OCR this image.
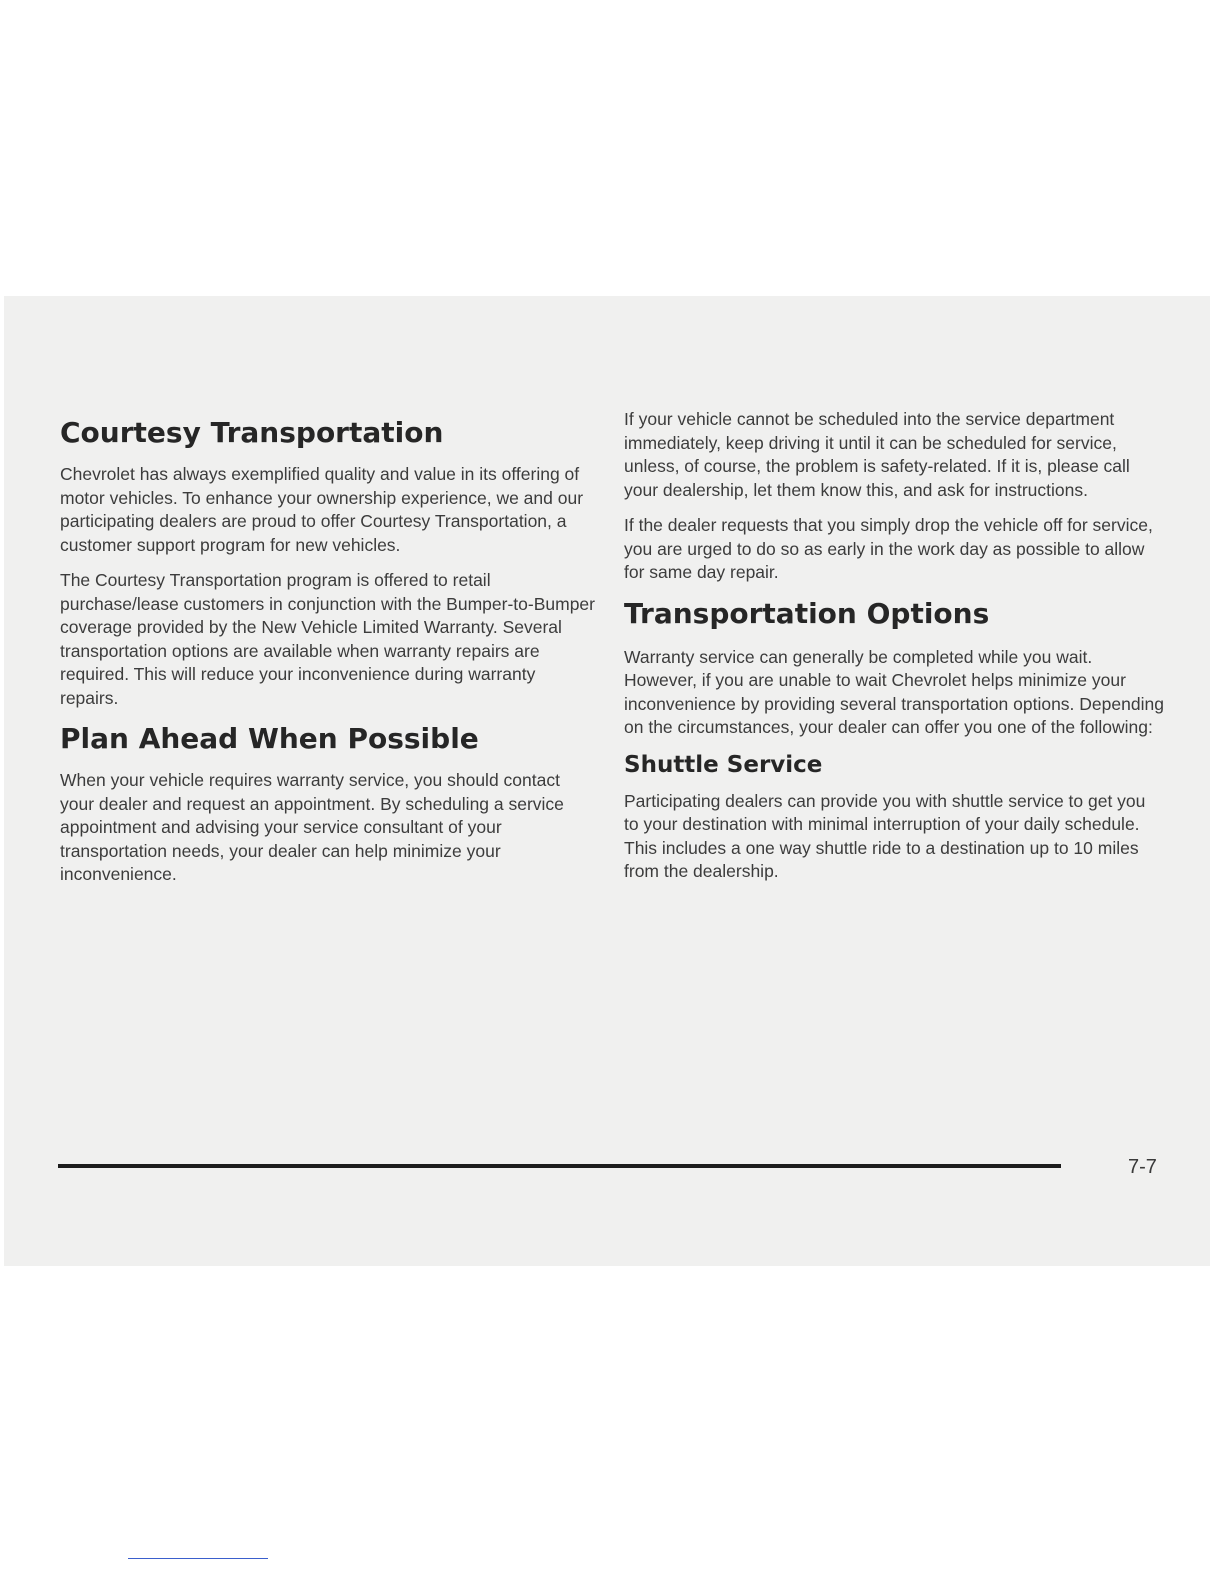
Courtesy Transportation

Chevrolet has always exemplified quality and value in its offering of motor vehicles. To enhance your ownership experience, we and our participating dealers are proud to offer Courtesy Transportation, a customer support program for new vehicles.

The Courtesy Transportation program is offered to retail purchase/lease customers in conjunction with the Bumper-to-Bumper coverage provided by the New Vehicle Limited Warranty. Several transportation options are available when warranty repairs are required. This will reduce your inconvenience during warranty repairs.

Plan Ahead When Possible

When your vehicle requires warranty service, you should contact your dealer and request an appointment. By scheduling a service appointment and advising your service consultant of your transportation needs, your dealer can help minimize your inconvenience.

If your vehicle cannot be scheduled into the service department immediately, keep driving it until it can be scheduled for service, unless, of course, the problem is safety-related. If it is, please call your dealership, let them know this, and ask for instructions.

If the dealer requests that you simply drop the vehicle off for service, you are urged to do so as early in the work day as possible to allow for same day repair.

Transportation Options

Warranty service can generally be completed while you wait. However, if you are unable to wait Chevrolet helps minimize your inconvenience by providing several transportation options. Depending on the circumstances, your dealer can offer you one of the following:

Shuttle Service

Participating dealers can provide you with shuttle service to get you to your destination with minimal interruption of your daily schedule. This includes a one way shuttle ride to a destination up to 10 miles from the dealership.

7-7
